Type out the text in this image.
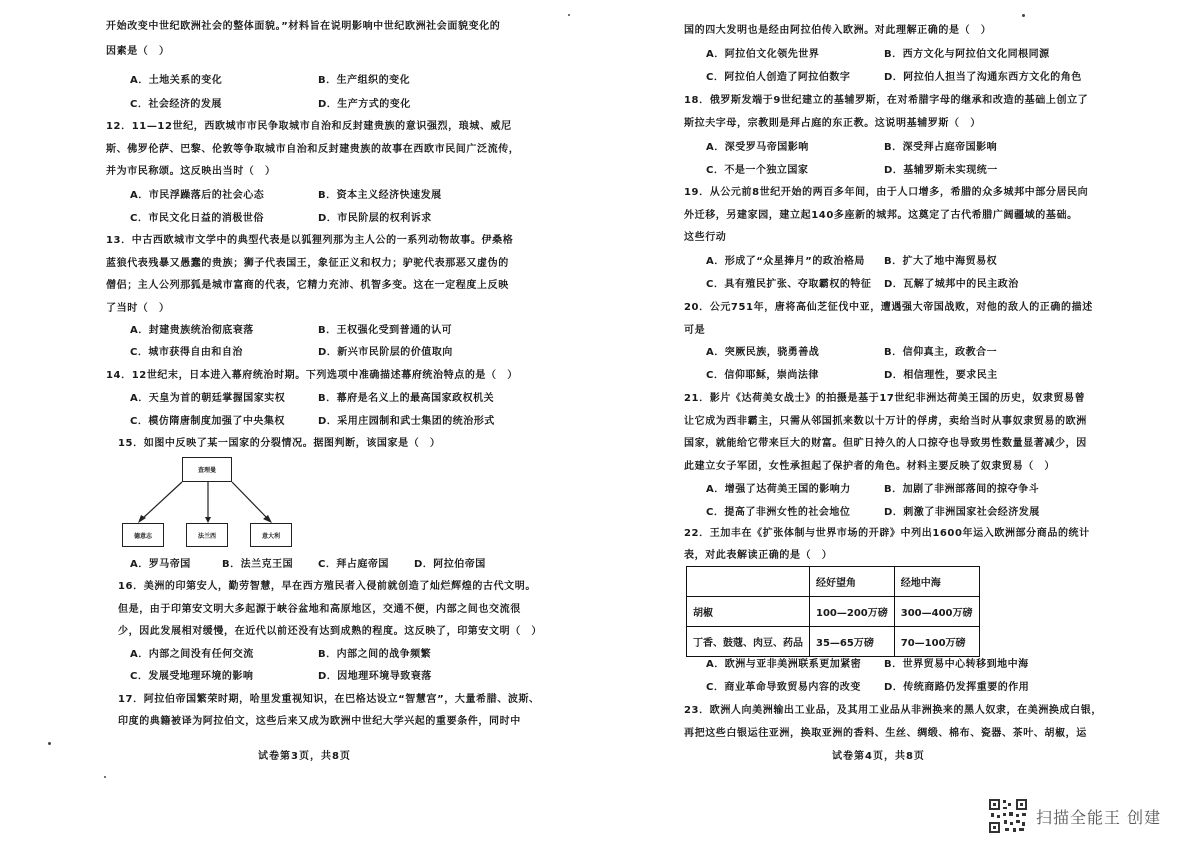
开始改变中世纪欧洲社会的整体面貌。”材料旨在说明影响中世纪欧洲社会面貌变化的
因素是（　）
A．土地关系的变化	B．生产组织的变化
C．社会经济的发展	D．生产方式的变化
12．11—12世纪，西欧城市市民争取城市自治和反封建贵族的意识强烈，琅城、威尼
斯、佛罗伦萨、巴黎、伦敦等争取城市自治和反封建贵族的故事在西欧市民间广泛流传，
并为市民称颂。这反映出当时（　）
A．市民浮躁落后的社会心态	B．资本主义经济快速发展
C．市民文化日益的消极世俗	D．市民阶层的权利诉求
13．中古西欧城市文学中的典型代表是以狐狸列那为主人公的一系列动物故事。伊桑格
蓝狼代表残暴又愚蠢的贵族；狮子代表国王，象征正义和权力；驴驼代表那恶又虚伪的
僧侣；主人公列那狐是城市富商的代表，它精力充沛、机智多变。这在一定程度上反映
了当时（　）
A．封建贵族统治彻底衰落	B．王权强化受到普通的认可
C．城市获得自由和自治	D．新兴市民阶层的价值取向
14．12世纪末，日本进入幕府统治时期。下列选项中准确描述幕府统治特点的是（　）
A．天皇为首的朝廷掌握国家实权	B．幕府是名义上的最高国家政权机关
C．模仿隋唐制度加强了中央集权	D．采用庄园制和武士集团的统治形式
15．如图中反映了某一国家的分裂情况。据图判断，该国家是（　）
查理曼
德意志	法兰西	意大利
A．罗马帝国	B．法兰克王国 C．拜占庭帝国	D．阿拉伯帝国
16．美洲的印第安人，勤劳智慧，早在西方殖民者入侵前就创造了灿烂辉煌的古代文明。
但是，由于印第安文明大多起源于峡谷盆地和高原地区，交通不便，内部之间也交流很
少，因此发展相对缓慢，在近代以前还没有达到成熟的程度。这反映了，印第安文明（　）
A．内部之间没有任何交流	B．内部之间的战争频繁
C．发展受地理环境的影响	D．因地理环境导致衰落
17．阿拉伯帝国繁荣时期，哈里发重视知识，在巴格达设立“智慧宫”，大量希腊、波斯、
印度的典籍被译为阿拉伯文，这些后来又成为欧洲中世纪大学兴起的重要条件，同时中
试卷第3页，共8页
国的四大发明也是经由阿拉伯传入欧洲。对此理解正确的是（　）
A．阿拉伯文化领先世界	B．西方文化与阿拉伯文化同根同源
C．阿拉伯人创造了阿拉伯数字	D．阿拉伯人担当了沟通东西方文化的角色
18．俄罗斯发端于9世纪建立的基辅罗斯，在对希腊字母的继承和改造的基础上创立了
斯拉夫字母，宗教則是拜占庭的东正教。这说明基辅罗斯（　）
A．深受罗马帝国影响	B．深受拜占庭帝国影响
C．不是一个独立国家	D．基辅罗斯未实现统一
19．从公元前8世纪开始的两百多年间，由于人口增多，希腊的众多城邦中部分居民向
外迁移，另建家园，建立起140多座新的城邦。这奠定了古代希腊广阔疆域的基础。
这些行动
A．形成了“众星捧月”的政治格局 B．扩大了地中海贸易权
C．具有殖民扩张、夺取霸权的特征 D．瓦解了城邦中的民主政治
20．公元751年，唐将高仙芝征伐中亚，遭遇强大帝国战败，对他的敌人的正确的描述
可是
A．突厥民族，骁勇善战	B．信仰真主，政教合一
C．信仰耶稣，崇尚法律	D．相信理性，要求民主
21．影片《达荷美女战士》的拍摄是基于17世纪非洲达荷美王国的历史，奴隶贸易曾
让它成为西非霸主，只需从邻国抓来数以十万计的俘虏，卖给当时从事奴隶贸易的欧洲
国家，就能给它带来巨大的财富。但旷日持久的人口掠夺也导致男性数量显著减少，因
此建立女子军团，女性承担起了保护者的角色。材料主要反映了奴隶贸易（　）
A．增强了达荷美王国的影响力	B．加剧了非洲部落间的掠夺争斗
C．提高了非洲女性的社会地位	D．刺激了非洲国家社会经济发展
22．王加丰在《扩张体制与世界市场的开辟》中列出1600年运入欧洲部分商品的统计
表，对此表解读正确的是（　）
A．欧洲与亚非美洲联系更加紧密 B．世界贸易中心转移到地中海
C．商业革命导致贸易内容的改变 D．传统商路仍发挥重要的作用
23．欧洲人向美洲输出工业品，及其用工业品从非洲换来的黑人奴隶，在美洲换成白银，
再把这些白银运往亚洲，换取亚洲的香料、生丝、绸缎、棉布、瓷器、茶叶、胡椒，运
试卷第4页，共8页
	经好望角	经地中海
胡椒	100—200万磅	300—400万磅
丁香、鼓蔻、肉豆、药品	35—65万磅	70—100万磅
扫描全能王 创建
